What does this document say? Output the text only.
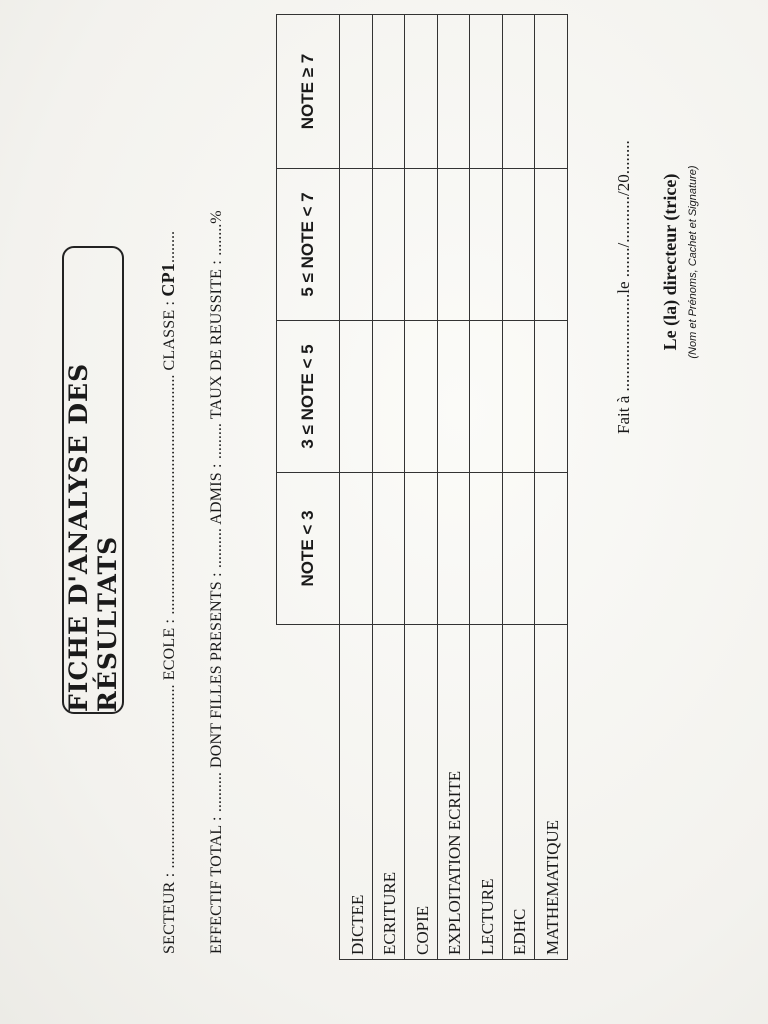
FICHE D'ANALYSE DES RÉSULTATS
SECTEUR : .............................................. ECOLE : ............................................................ CLASSE : CP1........
EFFECTIF TOTAL : .......... DONT FILLES PRESENTS : .......... ADMIS : ......... TAUX DE REUSSITE : ........%
	NOTE < 3	3 ≤ NOTE < 5	5 ≤ NOTE < 7	NOTE ≥ 7
DICTEE				
ECRITURE				
COPIE				
EXPLOITATION ECRITE				
LECTURE				
EDHC				
MATHEMATIQUE				
Fait à .......................le ......./.........../20........ Le (la) directeur (trice) (Nom et Prénoms, Cachet et Signature)
